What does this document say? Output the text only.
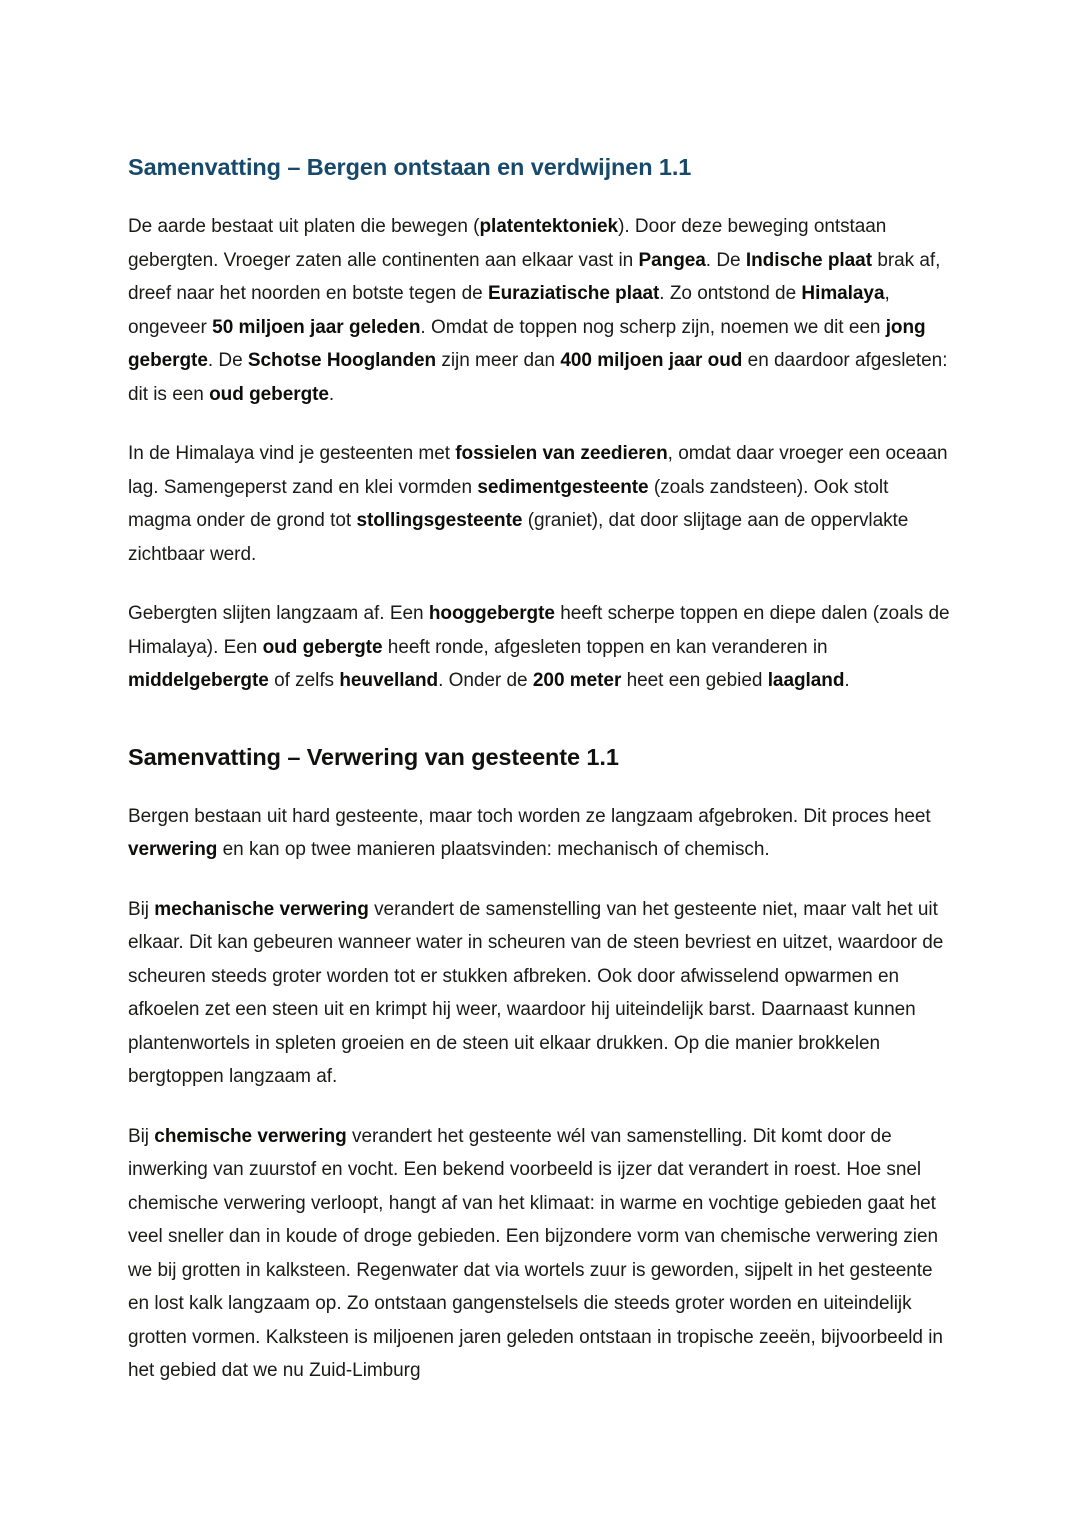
Samenvatting – Bergen ontstaan en verdwijnen 1.1

De aarde bestaat uit platen die bewegen (platentektoniek). Door deze beweging ontstaan gebergten. Vroeger zaten alle continenten aan elkaar vast in Pangea. De Indische plaat brak af, dreef naar het noorden en botste tegen de Euraziatische plaat. Zo ontstond de Himalaya, ongeveer 50 miljoen jaar geleden. Omdat de toppen nog scherp zijn, noemen we dit een jong gebergte. De Schotse Hooglanden zijn meer dan 400 miljoen jaar oud en daardoor afgesleten: dit is een oud gebergte.

In de Himalaya vind je gesteenten met fossielen van zeedieren, omdat daar vroeger een oceaan lag. Samengeperst zand en klei vormden sedimentgesteente (zoals zandsteen). Ook stolt magma onder de grond tot stollingsgesteente (graniet), dat door slijtage aan de oppervlakte zichtbaar werd.

Gebergten slijten langzaam af. Een hooggebergte heeft scherpe toppen en diepe dalen (zoals de Himalaya). Een oud gebergte heeft ronde, afgesleten toppen en kan veranderen in middelgebergte of zelfs heuvelland. Onder de 200 meter heet een gebied laagland.

Samenvatting – Verwering van gesteente 1.1

Bergen bestaan uit hard gesteente, maar toch worden ze langzaam afgebroken. Dit proces heet verwering en kan op twee manieren plaatsvinden: mechanisch of chemisch.

Bij mechanische verwering verandert de samenstelling van het gesteente niet, maar valt het uit elkaar. Dit kan gebeuren wanneer water in scheuren van de steen bevriest en uitzet, waardoor de scheuren steeds groter worden tot er stukken afbreken. Ook door afwisselend opwarmen en afkoelen zet een steen uit en krimpt hij weer, waardoor hij uiteindelijk barst. Daarnaast kunnen plantenwortels in spleten groeien en de steen uit elkaar drukken. Op die manier brokkelen bergtoppen langzaam af.

Bij chemische verwering verandert het gesteente wél van samenstelling. Dit komt door de inwerking van zuurstof en vocht. Een bekend voorbeeld is ijzer dat verandert in roest. Hoe snel chemische verwering verloopt, hangt af van het klimaat: in warme en vochtige gebieden gaat het veel sneller dan in koude of droge gebieden. Een bijzondere vorm van chemische verwering zien we bij grotten in kalksteen. Regenwater dat via wortels zuur is geworden, sijpelt in het gesteente en lost kalk langzaam op. Zo ontstaan gangenstelsels die steeds groter worden en uiteindelijk grotten vormen. Kalksteen is miljoenen jaren geleden ontstaan in tropische zeeën, bijvoorbeeld in het gebied dat we nu Zuid-Limburg
